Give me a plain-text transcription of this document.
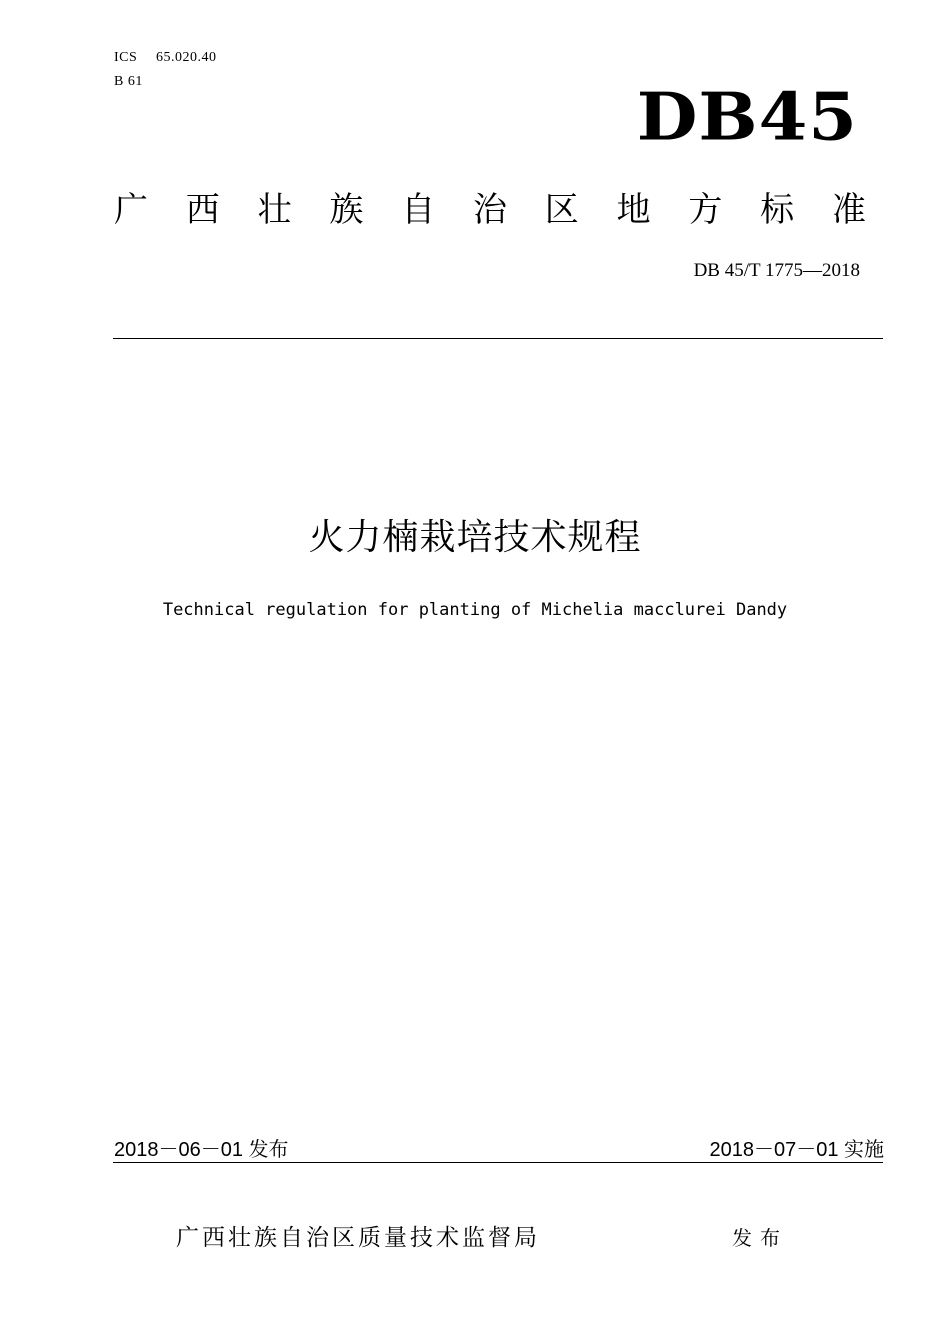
ICS 65.020.40
B 61	DB45
广 西 壮 族 自 治 区 地 方 标 准
DB 45/T 1775—2018
火力楠栽培技术规程
Technical regulation for planting of Michelia macclurei Dandy
2018－06－01 发布	2018－07－01 实施
广西壮族自治区质量技术监督局	发布
